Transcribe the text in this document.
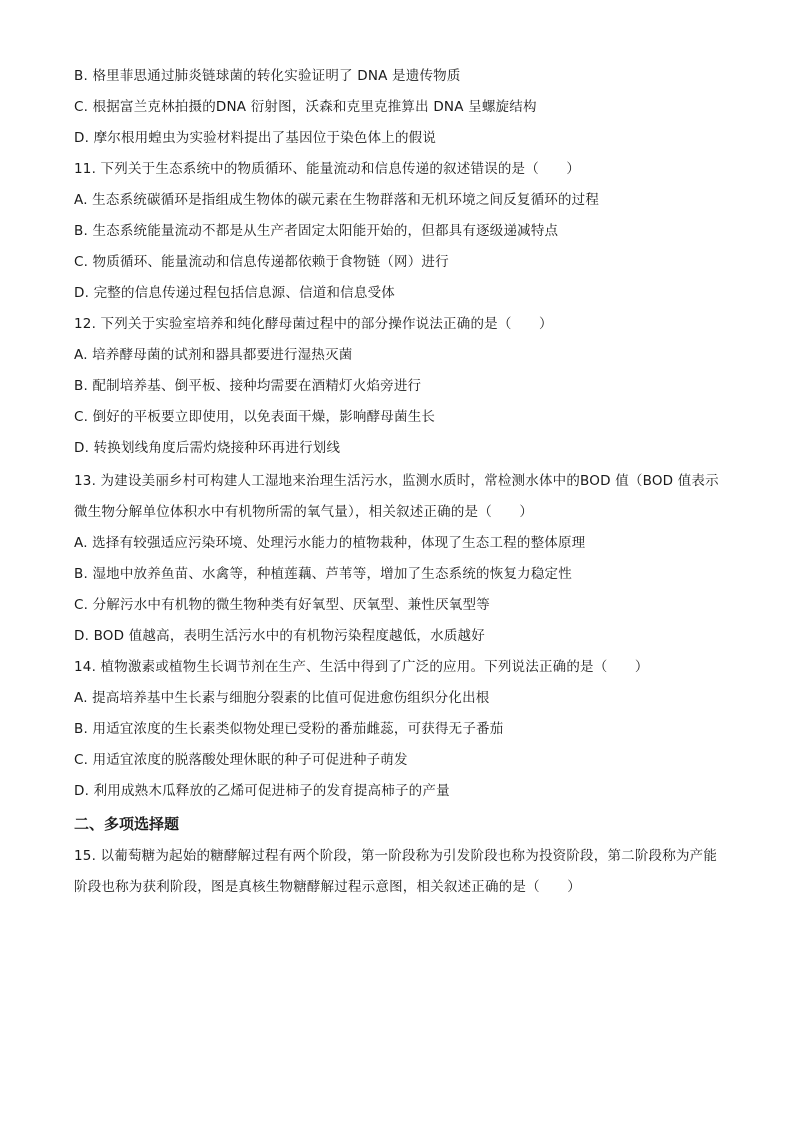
B. 格里菲思通过肺炎链球菌的转化实验证明了 DNA 是遗传物质
C. 根据富兰克林拍摄的DNA 衍射图，沃森和克里克推算出 DNA 呈螺旋结构
D. 摩尔根用蝗虫为实验材料提出了基因位于染色体上的假说
11. 下列关于生态系统中的物质循环、能量流动和信息传递的叙述错误的是（　　）
A. 生态系统碳循环是指组成生物体的碳元素在生物群落和无机环境之间反复循环的过程
B. 生态系统能量流动不都是从生产者固定太阳能开始的，但都具有逐级递减特点
C. 物质循环、能量流动和信息传递都依赖于食物链（网）进行
D. 完整的信息传递过程包括信息源、信道和信息受体
12. 下列关于实验室培养和纯化酵母菌过程中的部分操作说法正确的是（　　）
A. 培养酵母菌的试剂和器具都要进行湿热灭菌
B. 配制培养基、倒平板、接种均需要在酒精灯火焰旁进行
C. 倒好的平板要立即使用，以免表面干燥，影响酵母菌生长
D. 转换划线角度后需灼烧接种环再进行划线
13. 为建设美丽乡村可构建人工湿地来治理生活污水，监测水质时，常检测水体中的BOD 值（BOD 值表示
微生物分解单位体积水中有机物所需的氧气量），相关叙述正确的是（　　）
A. 选择有较强适应污染环境、处理污水能力的植物栽种，体现了生态工程的整体原理
B. 湿地中放养鱼苗、水禽等，种植莲藕、芦苇等，增加了生态系统的恢复力稳定性
C. 分解污水中有机物的微生物种类有好氧型、厌氧型、兼性厌氧型等
D. BOD 值越高，表明生活污水中的有机物污染程度越低，水质越好
14. 植物激素或植物生长调节剂在生产、生活中得到了广泛的应用。下列说法正确的是（　　）
A. 提高培养基中生长素与细胞分裂素的比值可促进愈伤组织分化出根
B. 用适宜浓度的生长素类似物处理已受粉的番茄雌蕊，可获得无子番茄
C. 用适宜浓度的脱落酸处理休眠的种子可促进种子萌发
D. 利用成熟木瓜释放的乙烯可促进柿子的发育提高柿子的产量
二、多项选择题
15. 以葡萄糖为起始的糖酵解过程有两个阶段，第一阶段称为引发阶段也称为投资阶段，第二阶段称为产能
阶段也称为获利阶段，图是真核生物糖酵解过程示意图，相关叙述正确的是（　　）
